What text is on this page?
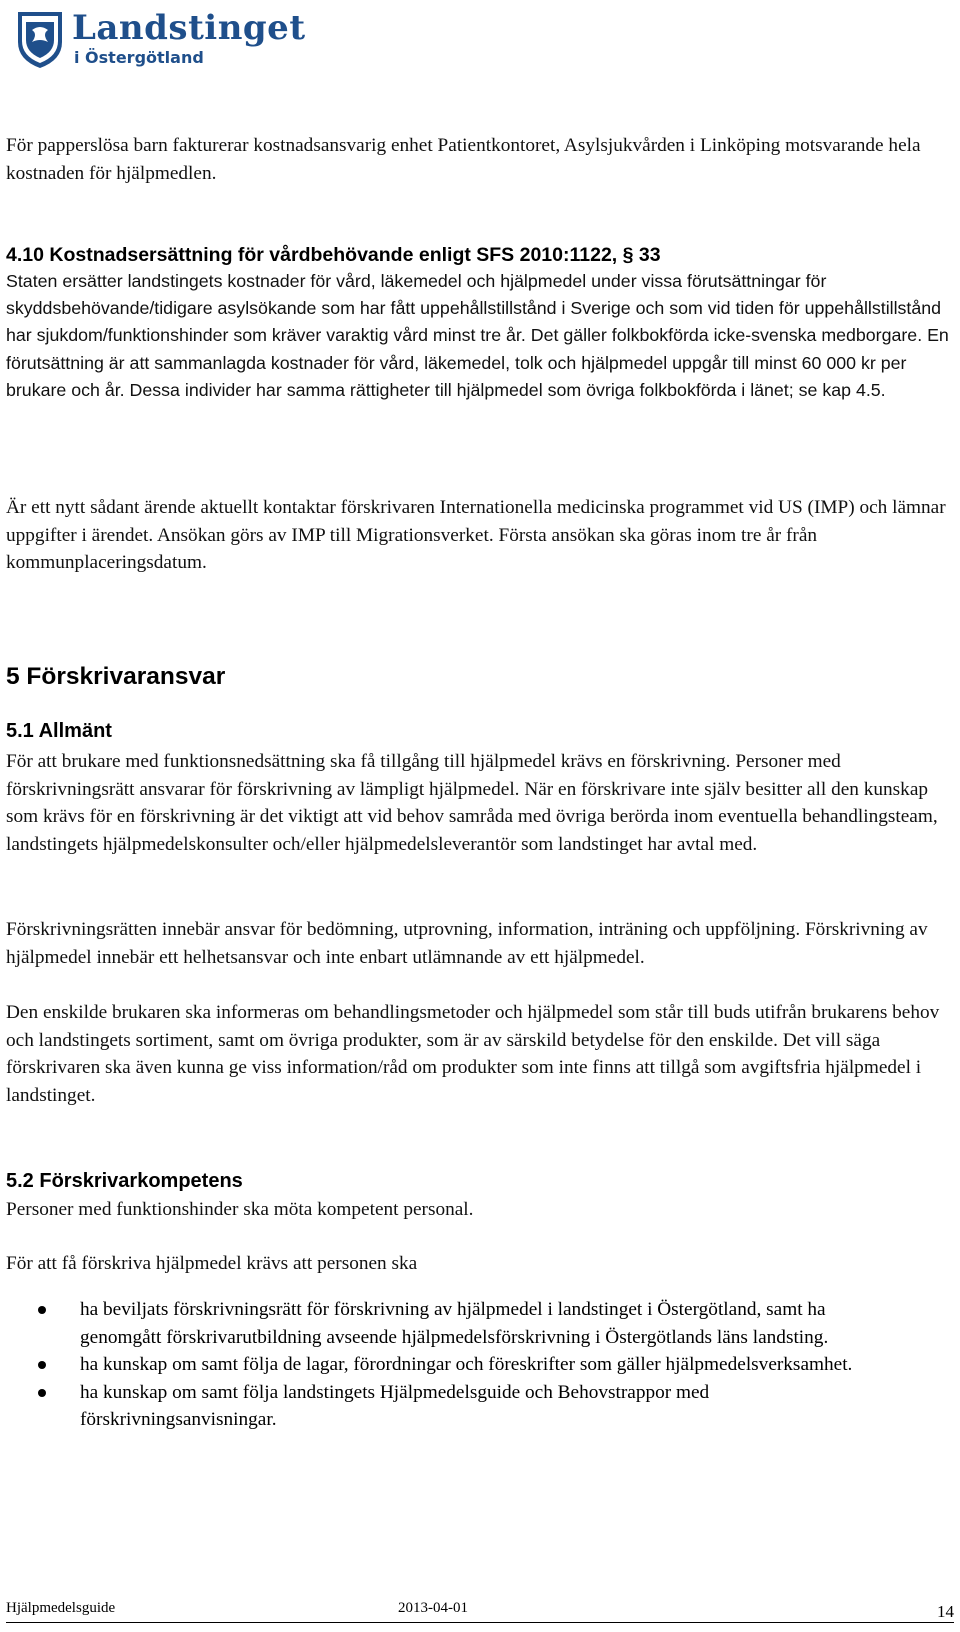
Landstinget
i Östergötland

För papperslösa barn fakturerar kostnadsansvarig enhet Patientkontoret, Asylsjukvården i Linköping motsvarande hela kostnaden för hjälpmedlen.

4.10 Kostnadsersättning för vårdbehövande enligt SFS 2010:1122, § 33

Staten ersätter landstingets kostnader för vård, läkemedel och hjälpmedel under vissa förutsättningar för skyddsbehövande/tidigare asylsökande som har fått uppehållstillstånd i Sverige och som vid tiden för uppehållstillstånd har sjukdom/funktionshinder som kräver varaktig vård minst tre år. Det gäller folkbokförda icke-svenska medborgare. En förutsättning är att sammanlagda kostnader för vård, läkemedel, tolk och hjälpmedel uppgår till minst 60 000 kr per brukare och år. Dessa individer har samma rättigheter till hjälpmedel som övriga folkbokförda i länet; se kap 4.5.

Är ett nytt sådant ärende aktuellt kontaktar förskrivaren Internationella medicinska programmet vid US (IMP) och lämnar uppgifter i ärendet. Ansökan görs av IMP till Migrationsverket. Första ansökan ska göras inom tre år från kommunplaceringsdatum.

5 Förskrivaransvar
5.1 Allmänt

För att brukare med funktionsnedsättning ska få tillgång till hjälpmedel krävs en förskrivning. Personer med förskrivningsrätt ansvarar för förskrivning av lämpligt hjälpmedel. När en förskrivare inte själv besitter all den kunskap som krävs för en förskrivning är det viktigt att vid behov samråda med övriga berörda inom eventuella behandlingsteam, landstingets hjälpmedelskonsulter och/eller hjälpmedelsleverantör som landstinget har avtal med.

Förskrivningsrätten innebär ansvar för bedömning, utprovning, information, inträning och uppföljning. Förskrivning av hjälpmedel innebär ett helhetsansvar och inte enbart utlämnande av ett hjälpmedel.

Den enskilde brukaren ska informeras om behandlingsmetoder och hjälpmedel som står till buds utifrån brukarens behov och landstingets sortiment, samt om övriga produkter, som är av särskild betydelse för den enskilde. Det vill säga förskrivaren ska även kunna ge viss information/råd om produkter som inte finns att tillgå som avgiftsfria hjälpmedel i landstinget.

5.2 Förskrivarkompetens

Personer med funktionshinder ska möta kompetent personal.

För att få förskriva hjälpmedel krävs att personen ska

ha beviljats förskrivningsrätt för förskrivning av hjälpmedel i landstinget i Östergötland, samt ha genomgått förskrivarutbildning avseende hjälpmedelsförskrivning i Östergötlands läns landsting.
ha kunskap om samt följa de lagar, förordningar och föreskrifter som gäller hjälpmedelsverksamhet.
ha kunskap om samt följa landstingets Hjälpmedelsguide och Behovstrappor med förskrivningsanvisningar.
Hjälpmedelsguide	2013-04-01	14
